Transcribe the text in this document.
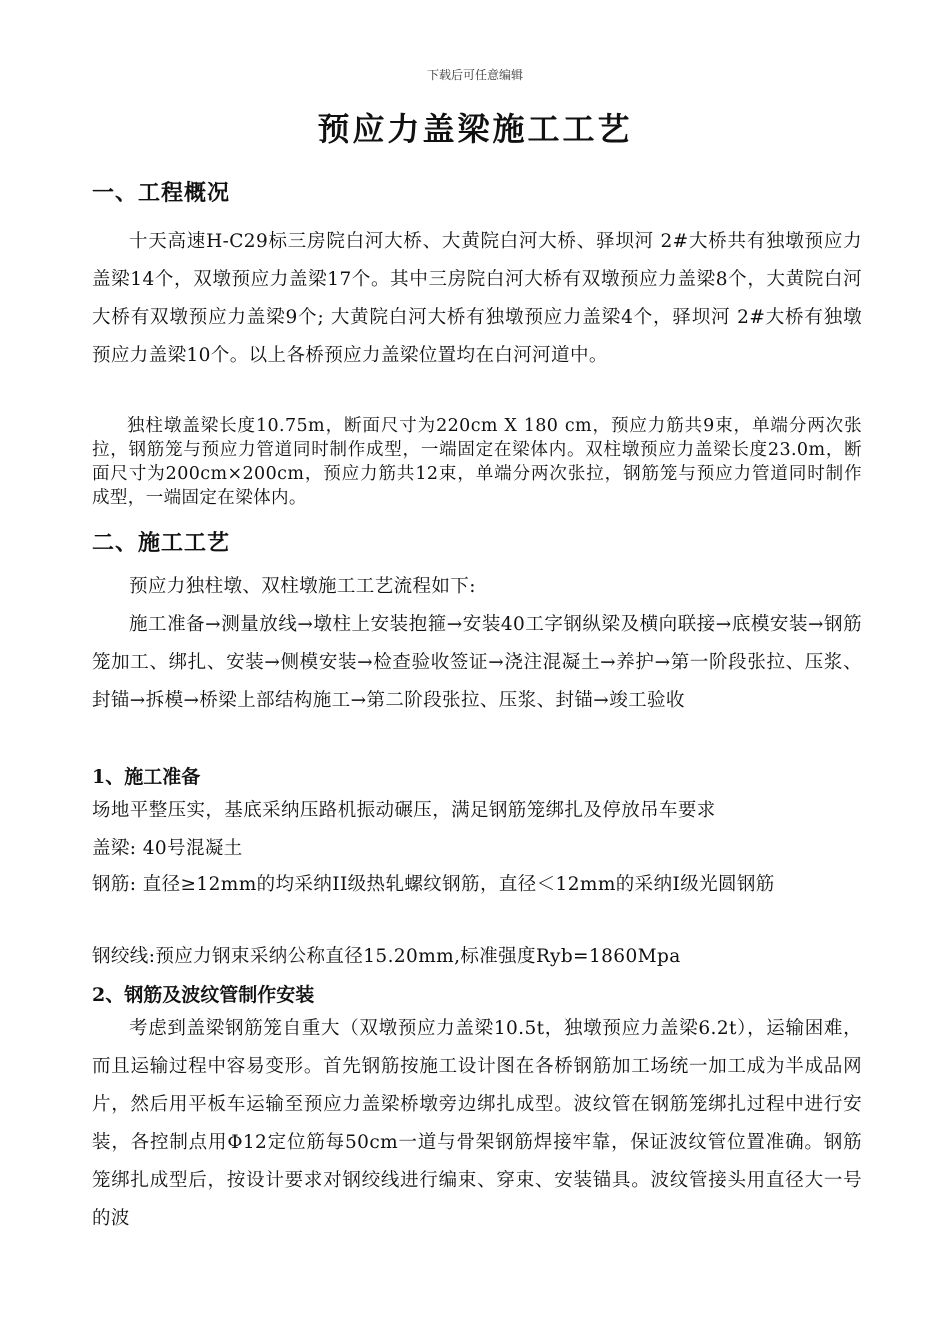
下载后可任意编辑
预应力盖梁施工工艺
一、工程概况
十天高速H-C29标三房院白河大桥、大黄院白河大桥、驿坝河 2#大桥共有独墩预应力盖梁14个，双墩预应力盖梁17个。其中三房院白河大桥有双墩预应力盖梁8个，大黄院白河大桥有双墩预应力盖梁9个; 大黄院白河大桥有独墩预应力盖梁4个，驿坝河 2#大桥有独墩预应力盖梁10个。以上各桥预应力盖梁位置均在白河河道中。
独柱墩盖梁长度10.75m，断面尺寸为220cm X 180 cm，预应力筋共9束，单端分两次张拉，钢筋笼与预应力管道同时制作成型，一端固定在梁体内。双柱墩预应力盖梁长度23.0m，断面尺寸为200cm×200cm，预应力筋共12束，单端分两次张拉，钢筋笼与预应力管道同时制作成型，一端固定在梁体内。
二、施工工艺
预应力独柱墩、双柱墩施工工艺流程如下:
施工准备→测量放线→墩柱上安装抱箍→安装40工字钢纵梁及横向联接→底模安装→钢筋笼加工、绑扎、安装→侧模安装→检查验收签证→浇注混凝土→养护→第一阶段张拉、压浆、封锚→拆模→桥梁上部结构施工→第二阶段张拉、压浆、封锚→竣工验收
1、施工准备
场地平整压实，基底采纳压路机振动碾压，满足钢筋笼绑扎及停放吊车要求
盖梁: 40号混凝土
钢筋: 直径≥12mm的均采纳II级热轧螺纹钢筋，直径＜12mm的采纳I级光圆钢筋
钢绞线:预应力钢束采纳公称直径15.20mm,标准强度Ryb=1860Mpa
2、钢筋及波纹管制作安装
考虑到盖梁钢筋笼自重大（双墩预应力盖梁10.5t，独墩预应力盖梁6.2t），运输困难，而且运输过程中容易变形。首先钢筋按施工设计图在各桥钢筋加工场统一加工成为半成品网片，然后用平板车运输至预应力盖梁桥墩旁边绑扎成型。波纹管在钢筋笼绑扎过程中进行安装，各控制点用Φ12定位筋每50cm一道与骨架钢筋焊接牢靠，保证波纹管位置准确。钢筋笼绑扎成型后，按设计要求对钢绞线进行编束、穿束、安装锚具。波纹管接头用直径大一号的波
